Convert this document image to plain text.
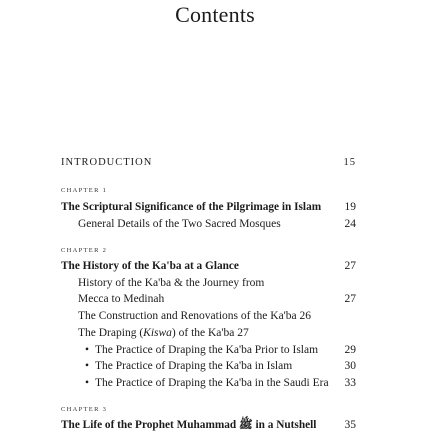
Contents
INTRODUCTION	15
CHAPTER 1
The Scriptural Significance of the Pilgrimage in Islam 19
General Details of the Two Sacred Mosques	24
CHAPTER 2
The History of the Ka'ba at a Glance	27
History of the Ka'ba & the Journey from
Mecca to Medinah	27
The Construction and Renovations of the Ka'ba 26
The Draping (Kiswa) of the Ka'ba 27
• The Practice of Draping the Ka'ba Prior to Islam 29
• The Practice of Draping the Ka'ba in Islam	30
• The Practice of Draping the Ka'ba in the Saudi Era 33
CHAPTER 3
The Life of the Prophet Muhammad ﷺ in a Nutshell 35
